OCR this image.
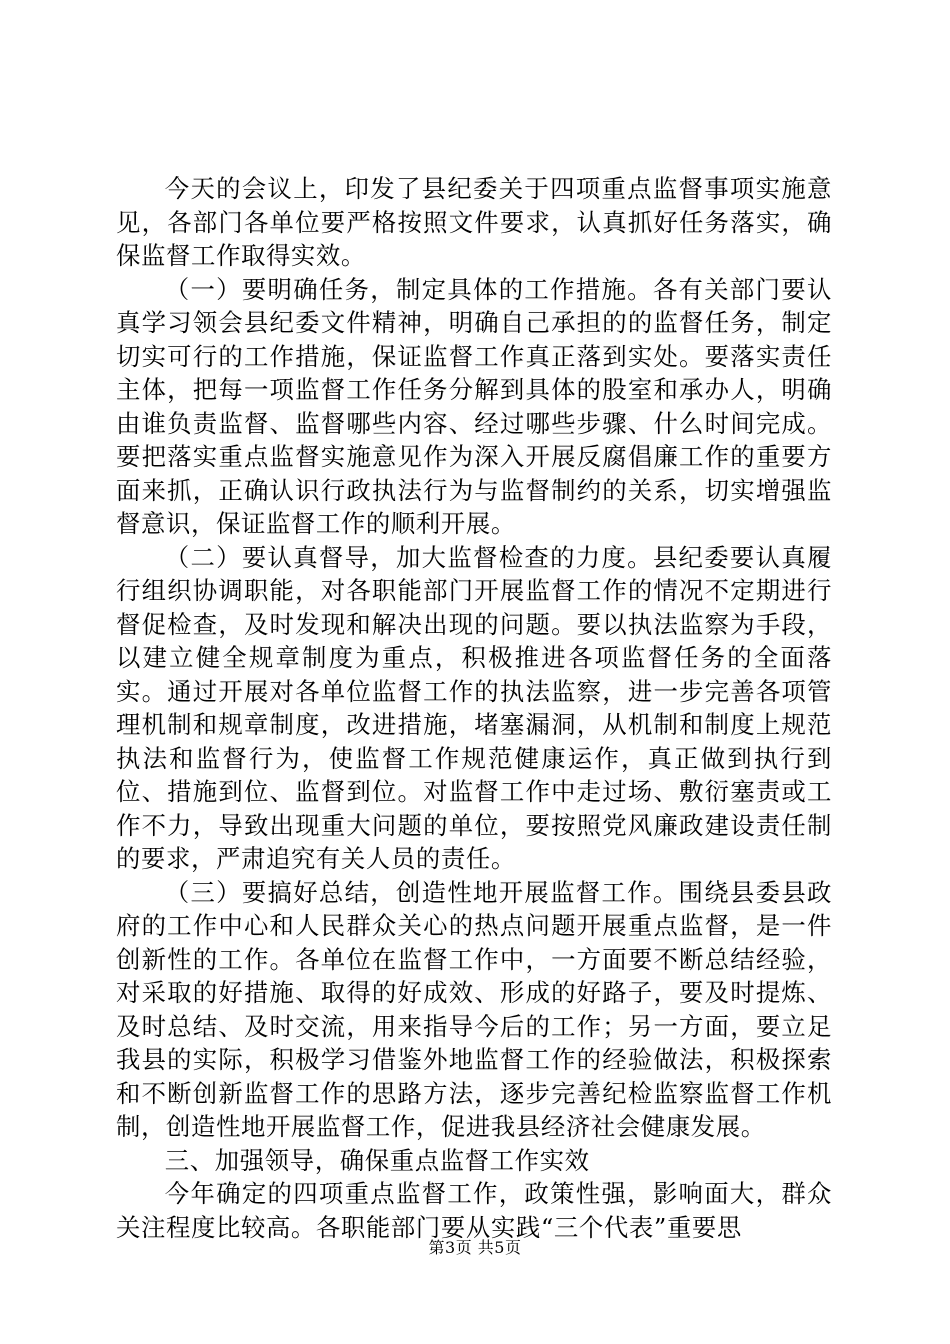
今天的会议上，印发了县纪委关于四项重点监督事项实施意见，各部门各单位要严格按照文件要求，认真抓好任务落实，确保监督工作取得实效。

（一）要明确任务，制定具体的工作措施。各有关部门要认真学习领会县纪委文件精神，明确自己承担的的监督任务，制定切实可行的工作措施，保证监督工作真正落到实处。要落实责任主体，把每一项监督工作任务分解到具体的股室和承办人，明确由谁负责监督、监督哪些内容、经过哪些步骤、什么时间完成。要把落实重点监督实施意见作为深入开展反腐倡廉工作的重要方面来抓，正确认识行政执法行为与监督制约的关系，切实增强监督意识，保证监督工作的顺利开展。

（二）要认真督导，加大监督检查的力度。县纪委要认真履行组织协调职能，对各职能部门开展监督工作的情况不定期进行督促检查，及时发现和解决出现的问题。要以执法监察为手段，以建立健全规章制度为重点，积极推进各项监督任务的全面落实。通过开展对各单位监督工作的执法监察，进一步完善各项管理机制和规章制度，改进措施，堵塞漏洞，从机制和制度上规范执法和监督行为，使监督工作规范健康运作，真正做到执行到位、措施到位、监督到位。对监督工作中走过场、敷衍塞责或工作不力，导致出现重大问题的单位，要按照党风廉政建设责任制的要求，严肃追究有关人员的责任。

（三）要搞好总结，创造性地开展监督工作。围绕县委县政府的工作中心和人民群众关心的热点问题开展重点监督，是一件创新性的工作。各单位在监督工作中，一方面要不断总结经验，对采取的好措施、取得的好成效、形成的好路子，要及时提炼、及时总结、及时交流，用来指导今后的工作；另一方面，要立足我县的实际，积极学习借鉴外地监督工作的经验做法，积极探索和不断创新监督工作的思路方法，逐步完善纪检监察监督工作机制，创造性地开展监督工作，促进我县经济社会健康发展。

三、加强领导，确保重点监督工作实效

今年确定的四项重点监督工作，政策性强，影响面大，群众关注程度比较高。各职能部门要从实践“三个代表”重要思

第3页 共5页
